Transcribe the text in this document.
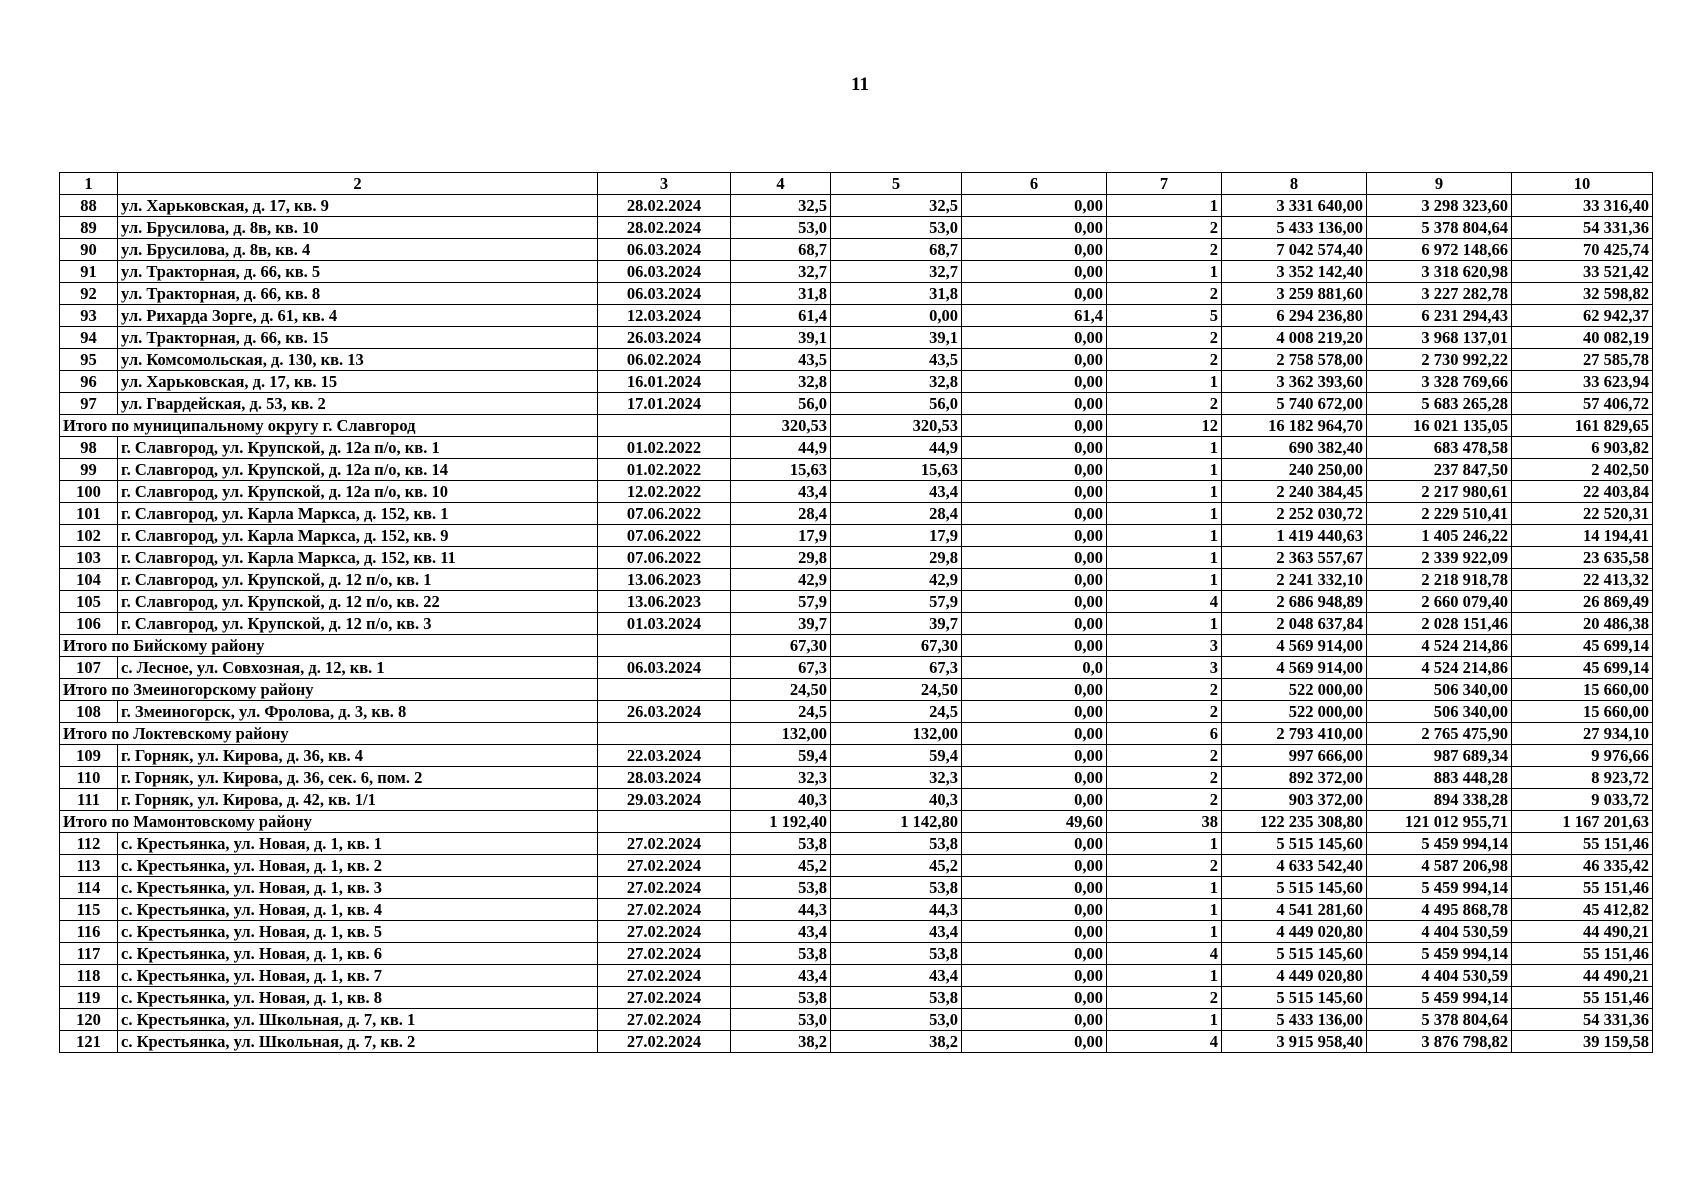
11
1	2	3	4	5	6	7	8	9	10
88	ул. Харьковская, д. 17, кв. 9	28.02.2024	32,5	32,5	0,00	1	3 331 640,00	3 298 323,60	33 316,40
89	ул. Брусилова, д. 8в, кв. 10	28.02.2024	53,0	53,0	0,00	2	5 433 136,00	5 378 804,64	54 331,36
90	ул. Брусилова, д. 8в, кв. 4	06.03.2024	68,7	68,7	0,00	2	7 042 574,40	6 972 148,66	70 425,74
91	ул. Тракторная, д. 66, кв. 5	06.03.2024	32,7	32,7	0,00	1	3 352 142,40	3 318 620,98	33 521,42
92	ул. Тракторная, д. 66, кв. 8	06.03.2024	31,8	31,8	0,00	2	3 259 881,60	3 227 282,78	32 598,82
93	ул. Рихарда Зорге, д. 61, кв. 4	12.03.2024	61,4	0,00	61,4	5	6 294 236,80	6 231 294,43	62 942,37
94	ул. Тракторная, д. 66, кв. 15	26.03.2024	39,1	39,1	0,00	2	4 008 219,20	3 968 137,01	40 082,19
95	ул. Комсомольская, д. 130, кв. 13	06.02.2024	43,5	43,5	0,00	2	2 758 578,00	2 730 992,22	27 585,78
96	ул. Харьковская, д. 17, кв. 15	16.01.2024	32,8	32,8	0,00	1	3 362 393,60	3 328 769,66	33 623,94
97	ул. Гвардейская, д. 53, кв. 2	17.01.2024	56,0	56,0	0,00	2	5 740 672,00	5 683 265,28	57 406,72
Итого по муниципальному округу г. Славгород			320,53	320,53	0,00	12	16 182 964,70	16 021 135,05	161 829,65
98	г. Славгород, ул. Крупской, д. 12а п/о, кв. 1	01.02.2022	44,9	44,9	0,00	1	690 382,40	683 478,58	6 903,82
99	г. Славгород, ул. Крупской, д. 12а п/о, кв. 14	01.02.2022	15,63	15,63	0,00	1	240 250,00	237 847,50	2 402,50
100	г. Славгород, ул. Крупской, д. 12а п/о, кв. 10	12.02.2022	43,4	43,4	0,00	1	2 240 384,45	2 217 980,61	22 403,84
101	г. Славгород, ул. Карла Маркса, д. 152, кв. 1	07.06.2022	28,4	28,4	0,00	1	2 252 030,72	2 229 510,41	22 520,31
102	г. Славгород, ул. Карла Маркса, д. 152, кв. 9	07.06.2022	17,9	17,9	0,00	1	1 419 440,63	1 405 246,22	14 194,41
103	г. Славгород, ул. Карла Маркса, д. 152, кв. 11	07.06.2022	29,8	29,8	0,00	1	2 363 557,67	2 339 922,09	23 635,58
104	г. Славгород, ул. Крупской, д. 12 п/о, кв. 1	13.06.2023	42,9	42,9	0,00	1	2 241 332,10	2 218 918,78	22 413,32
105	г. Славгород, ул. Крупской, д. 12 п/о, кв. 22	13.06.2023	57,9	57,9	0,00	4	2 686 948,89	2 660 079,40	26 869,49
106	г. Славгород, ул. Крупской, д. 12 п/о, кв. 3	01.03.2024	39,7	39,7	0,00	1	2 048 637,84	2 028 151,46	20 486,38
Итого по Бийскому району			67,30	67,30	0,00	3	4 569 914,00	4 524 214,86	45 699,14
107	с. Лесное, ул. Совхозная, д. 12, кв. 1	06.03.2024	67,3	67,3	0,0	3	4 569 914,00	4 524 214,86	45 699,14
Итого по Змеиногорскому району			24,50	24,50	0,00	2	522 000,00	506 340,00	15 660,00
108	г. Змеиногорск, ул. Фролова, д. 3, кв. 8	26.03.2024	24,5	24,5	0,00	2	522 000,00	506 340,00	15 660,00
Итого по Локтевскому району			132,00	132,00	0,00	6	2 793 410,00	2 765 475,90	27 934,10
109	г. Горняк, ул. Кирова, д. 36, кв. 4	22.03.2024	59,4	59,4	0,00	2	997 666,00	987 689,34	9 976,66
110	г. Горняк, ул. Кирова, д. 36, сек. 6, пом. 2	28.03.2024	32,3	32,3	0,00	2	892 372,00	883 448,28	8 923,72
111	г. Горняк, ул. Кирова, д. 42, кв. 1/1	29.03.2024	40,3	40,3	0,00	2	903 372,00	894 338,28	9 033,72
Итого по Мамонтовскому району			1 192,40	1 142,80	49,60	38	122 235 308,80	121 012 955,71	1 167 201,63
112	с. Крестьянка, ул. Новая, д. 1, кв. 1	27.02.2024	53,8	53,8	0,00	1	5 515 145,60	5 459 994,14	55 151,46
113	с. Крестьянка, ул. Новая, д. 1, кв. 2	27.02.2024	45,2	45,2	0,00	2	4 633 542,40	4 587 206,98	46 335,42
114	с. Крестьянка, ул. Новая, д. 1, кв. 3	27.02.2024	53,8	53,8	0,00	1	5 515 145,60	5 459 994,14	55 151,46
115	с. Крестьянка, ул. Новая, д. 1, кв. 4	27.02.2024	44,3	44,3	0,00	1	4 541 281,60	4 495 868,78	45 412,82
116	с. Крестьянка, ул. Новая, д. 1, кв. 5	27.02.2024	43,4	43,4	0,00	1	4 449 020,80	4 404 530,59	44 490,21
117	с. Крестьянка, ул. Новая, д. 1, кв. 6	27.02.2024	53,8	53,8	0,00	4	5 515 145,60	5 459 994,14	55 151,46
118	с. Крестьянка, ул. Новая, д. 1, кв. 7	27.02.2024	43,4	43,4	0,00	1	4 449 020,80	4 404 530,59	44 490,21
119	с. Крестьянка, ул. Новая, д. 1, кв. 8	27.02.2024	53,8	53,8	0,00	2	5 515 145,60	5 459 994,14	55 151,46
120	с. Крестьянка, ул. Школьная, д. 7, кв. 1	27.02.2024	53,0	53,0	0,00	1	5 433 136,00	5 378 804,64	54 331,36
121	с. Крестьянка, ул. Школьная, д. 7, кв. 2	27.02.2024	38,2	38,2	0,00	4	3 915 958,40	3 876 798,82	39 159,58
